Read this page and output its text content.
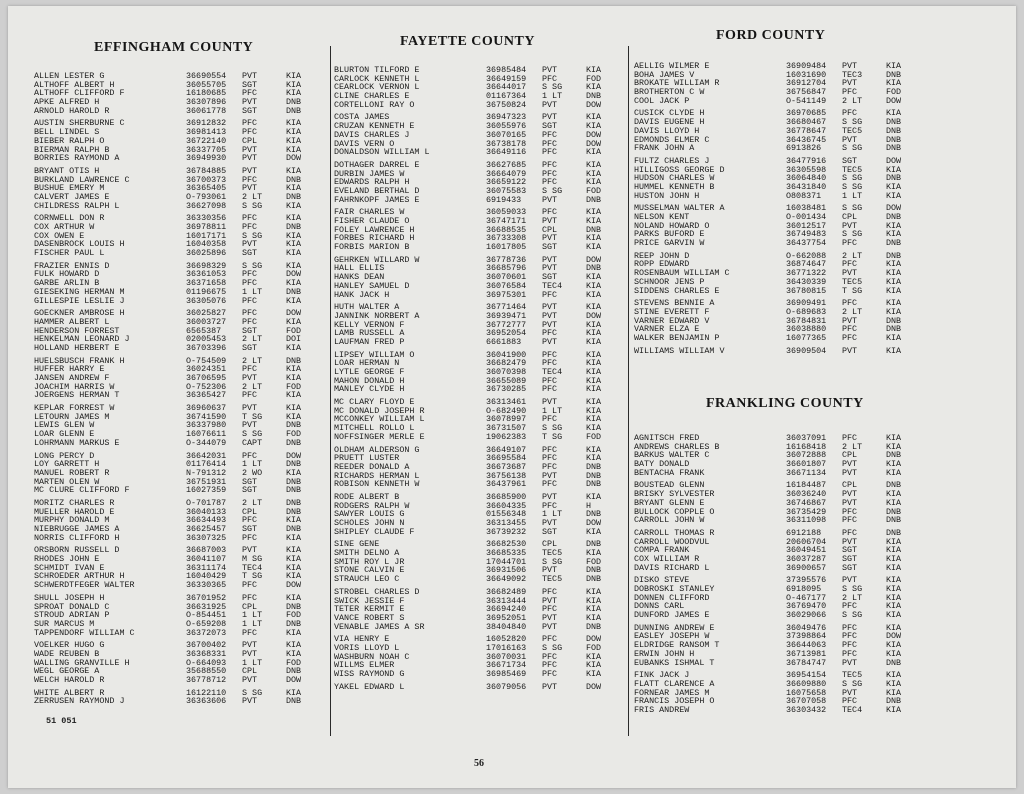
EFFINGHAM COUNTY
ALLEN LESTER G	36690554	PVT	KIA
ALTHOFF ALBERT H	36055705	SGT	KIA
ALTHOFF CLIFFORD F	16180685	PFC	KIA
APKE ALFRED H	36307896	PVT	DNB
ARNOLD HAROLD R	36061778	SGT	DNB
AUSTIN SHERBURNE C	36912832	PFC	KIA
BELL LINDEL S	36981413	PFC	KIA
BIEBER RALPH O	36722140	CPL	KIA
BIERMAN RALPH B	36337705	PVT	KIA
BORRIES RAYMOND A	36949930	PVT	DOW
BRYANT OTIS H	36784885	PVT	KIA
BURKLAND LAWRENCE C	36700373	PFC	DNB
BUSHUE EMERY M	36365405	PVT	KIA
CALVERT JAMES E	O-793061	2 LT	DNB
CHILDRESS RALPH L	36627098	S SG	KIA
CORNWELL DON R	36330356	PFC	KIA
COX ARTHUR W	36978811	PFC	DNB
COX OWEN E	16017171	S SG	KIA
DASENBROCK LOUIS H	16040358	PVT	KIA
FISCHER PAUL L	36025896	SGT	KIA
FRAZIER ENNIS D	36698329	S SG	KIA
FULK HOWARD D	36361053	PFC	DOW
GARBE ARLIN B	36371658	PFC	KIA
GIESEKING HERMAN M	01196675	1 LT	DNB
GILLESPIE LESLIE J	36305076	PFC	KIA
GOECKNER AMBROSE H	36025827	PFC	DOW
HAMMER ALBERT L	36003727	PFC	KIA
HENDERSON FORREST	6565387	SGT	FOD
HENKELMAN LEONARD J	02005453	2 LT	DOI
HOLLAND HERBERT E	36703396	SGT	KIA
HUELSBUSCH FRANK H	O-754509	2 LT	DNB
HUFFER HARRY E	36024351	PFC	KIA
JANSEN ANDREW F	36706595	PVT	KIA
JOACHIM HARRIS W	O-752306	2 LT	FOD
JOERGENS HERMAN T	36365427	PFC	KIA
KEPLAR FORREST W	36960637	PVT	KIA
LETOURN JAMES M	36741590	T SG	KIA
LEWIS GLEN W	36337980	PVT	DNB
LOAR GLENN E	16076611	S SG	FOD
LOHRMANN MARKUS E	O-344079	CAPT	DNB
LONG PERCY D	36642031	PFC	DOW
LOY GARRETT H	01176414	1 LT	DNB
MANUEL ROBERT R	N-791312	2 WO	KIA
MARTEN OLEN W	36751931	SGT	DNB
MC CLURE CLIFFORD F	16027359	SGT	DNB
MORITZ CHARLES R	O-701787	2 LT	DNB
MUELLER HAROLD E	36040133	CPL	DNB
MURPHY DONALD M	36634493	PFC	KIA
NIEBRUGGE JAMES A	36625457	SGT	DNB
NORRIS CLIFFORD H	36307325	PFC	KIA
ORSBORN RUSSELL D	36687003	PVT	KIA
RHODES JOHN E	36041107	M SG	KIA
SCHMIDT IVAN E	36311174	TEC4	KIA
SCHROEDER ARTHUR H	16040429	T SG	KIA
SCHWERDTFEGER WALTER	36330365	PFC	DOW
SHULL JOSEPH H	36701952	PFC	KIA
SPROAT DONALD C	36631925	CPL	DNB
STROUD ADRIAN P	O-854451	1 LT	FOD
SUR MARCUS M	O-659208	1 LT	DNB
TAPPENDORF WILLIAM C	36372073	PFC	KIA
VOELKER HUGO G	36700402	PVT	KIA
WADE REUBEN B	36368331	PVT	KIA
WALLING GRANVILLE H	O-664093	1 LT	FOD
WEGL GEORGE A	35688550	CPL	DNB
WELCH HAROLD R	36778712	PVT	DOW
WHITE ALBERT R	16122110	S SG	KIA
ZERRUSEN RAYMOND J	36363606	PVT	DNB
FAYETTE COUNTY
BLURTON TILFORD E	36985484	PVT	KIA
CARLOCK KENNETH L	36649159	PFC	FOD
CEARLOCK VERNON L	36644017	S SG	KIA
CLINE CHARLES E	01167364	1 LT	DNB
CORTELLONI RAY O	36750824	PVT	DOW
COSTA JAMES	36947323	PVT	KIA
CRUZAN KENNETH E	36055976	SGT	KIA
DAVIS CHARLES J	36070165	PFC	DOW
DAVIS VERN O	36738178	PFC	DOW
DONALDSON WILLIAM L	36649116	PFC	KIA
DOTHAGER DARREL E	36627685	PFC	KIA
DURBIN JAMES W	36664079	PFC	KIA
EDWARDS RALPH H	36659122	PFC	KIA
EVELAND BERTHAL D	36075583	S SG	FOD
FAHRNKOPF JAMES E	6919433	PVT	DNB
FAIR CHARLES W	36059033	PFC	KIA
FISHER CLAUDE O	36747171	PVT	KIA
FOLEY LAWRENCE H	36688535	CPL	DNB
FORBES RICHARD H	36733308	PVT	KIA
FORBIS MARION B	16017805	SGT	KIA
GEHRKEN WILLARD W	36778736	PVT	DOW
HALL ELLIS	36685796	PVT	DNB
HANKS DEAN	36070601	SGT	KIA
HANLEY SAMUEL D	36076584	TEC4	KIA
HANK JACK H	36975301	PFC	KIA
HUTH WALTER A	36771464	PVT	KIA
JANNINK NORBERT A	36939471	PVT	DOW
KELLY VERNON F	36772777	PVT	KIA
LAMB RUSSELL A	36952054	PFC	KIA
LAUFMAN FRED P	6661883	PVT	KIA
LIPSEY WILLIAM O	36041900	PFC	KIA
LOAR HERMAN N	36682479	PFC	KIA
LYTLE GEORGE F	36070398	TEC4	KIA
MAHON DONALD H	36655089	PFC	KIA
MANLEY CLYDE H	36730285	PFC	KIA
MC CLARY FLOYD E	36313461	PVT	KIA
MC DONALD JOSEPH R	O-682490	1 LT	KIA
MCCONKEY WILLIAM L	36078997	PFC	KIA
MITCHELL ROLLO L	36731507	S SG	KIA
NOFFSINGER MERLE E	19062383	T SG	FOD
OLDHAM ALDERSON G	36649107	PFC	KIA
PRUETT LUSTER	36695584	PFC	KIA
REEDER DONALD A	36673687	PFC	DNB
RICHARDS HERMAN L	36756138	PVT	DNB
ROBISON KENNETH W	36437961	PFC	DNB
RODE ALBERT B	36685900	PVT	KIA
RODGERS RALPH W	36604335	PFC	H
SAWYER LOUIS G	01556348	1 LT	DNB
SCHOLES JOHN N	36313455	PVT	DOW
SHIPLEY CLAUDE F	36739232	SGT	KIA
SINE GENE	36682530	CPL	DNB
SMITH DELNO A	36685335	TEC5	KIA
SMITH ROY L JR	17044701	S SG	FOD
STONE CALVIN E	36931506	PVT	DNB
STRAUCH LEO C	36649092	TEC5	DNB
STROBEL CHARLES D	36682489	PFC	KIA
SWICK JESSIE F	36313444	PVT	KIA
TETER KERMIT E	36694240	PFC	KIA
VANCE ROBERT S	36952051	PVT	KIA
VENABLE JAMES A SR	38404840	PVT	DNB
VIA HENRY E	16052820	PFC	DOW
VORIS LLOYD L	17016163	S SG	FOD
WASHBURN NOAH C	36070031	PFC	KIA
WILLMS ELMER	36671734	PFC	KIA
WISS RAYMOND G	36985469	PFC	KIA
YAKEL EDWARD L	36079056	PVT	DOW
FORD COUNTY
AELLIG WILMER E	36909484	PVT	KIA
BOHA JAMES V	16031690	TEC3	DNB
BROKATE WILLIAM R	36912704	PVT	KIA
BROTHERTON C W	36756847	PFC	FOD
COOL JACK P	O-541149	2 LT	DOW
CUSICK CLYDE H	36970685	PFC	KIA
DAVIS EUGENE H	36680467	S SG	DNB
DAVIS LLOYD H	36778647	TEC5	DNB
EDMONDS ELMER C	36436745	PVT	DNB
FRANK JOHN A	6913826	S SG	DNB
FULTZ CHARLES J	36477916	SGT	DOW
HILLIGOSS GEORGE D	36305598	TEC5	KIA
HUDSON CHARLES W	36064840	S SG	DNB
HUMMEL KENNETH B	36431840	S SG	KIA
HUSTON JOHN H	O808371	1 LT	KIA
MUSSELMAN WALTER A	16038481	S SG	DOW
NELSON KENT	O-001434	CPL	DNB
NOLAND HOWARD O	36012517	PVT	KIA
PARKS BUFORD E	36749483	S SG	KIA
PRICE GARVIN W	36437754	PFC	DNB
REEP JOHN D	O-662088	2 LT	DNB
ROPP EDWARD	36874647	PFC	KIA
ROSENBAUM WILLIAM C	36771322	PVT	KIA
SCHNOOR JENS P	36430339	TEC5	KIA
SIDDENS CHARLES E	36780815	T SG	KIA
STEVENS BENNIE A	36909491	PFC	KIA
STINE EVERETT F	O-689683	2 LT	KIA
VARNER EDWARD V	36784831	PVT	DNB
VARNER ELZA E	36038880	PFC	DNB
WALKER BENJAMIN P	16077365	PFC	KIA
WILLIAMS WILLIAM V	36909504	PVT	KIA
FRANKLING COUNTY
AGNITSCH FRED	36037091	PFC	KIA
ANDREWS CHARLES B	16168418	2 LT	KIA
BARKUS WALTER C	36072888	CPL	DNB
BATY DONALD	36601807	PVT	KIA
BENTACHA FRANK	36671134	PVT	KIA
BOUSTEAD GLENN	16184487	CPL	DNB
BRISKY SYLVESTER	36036240	PVT	KIA
BRYANT GLENN E	36746867	PVT	KIA
BULLOCK COPPLE O	36735429	PFC	DNB
CARROLL JOHN W	36311098	PFC	DNB
CARROLL THOMAS R	6912188	PFC	DNB
CARROLL WOODVUL	20606704	PVT	KIA
COMPA FRANK	36049451	SGT	KIA
COX WILLIAM R	36037287	SGT	KIA
DAVIS RICHARD L	36900657	SGT	KIA
DISKO STEVE	37395576	PVT	KIA
DOBROSKI STANLEY	6918095	S SG	KIA
DONNEN CLIFFORD	O-467177	2 LT	KIA
DONNS CARL	36769470	PFC	KIA
DUNFORD JAMES E	36029066	S SG	KIA
DUNNING ANDREW E	36049476	PFC	KIA
EASLEY JOSEPH W	37398864	PFC	DOW
ELDRIDGE RANSOM T	36644063	PFC	KIA
ERWIN JOHN H	36713981	PFC	KIA
EUBANKS ISHMAL T	36784747	PVT	DNB
FINK JACK J	36954154	TEC5	KIA
FLATT CLARENCE A	36609880	S SG	KIA
FORNEAR JAMES M	16075658	PVT	KIA
FRANCIS JOSEPH O	36707058	PFC	DNB
FRIS ANDREW	36303432	TEC4	KIA
51 051
56
